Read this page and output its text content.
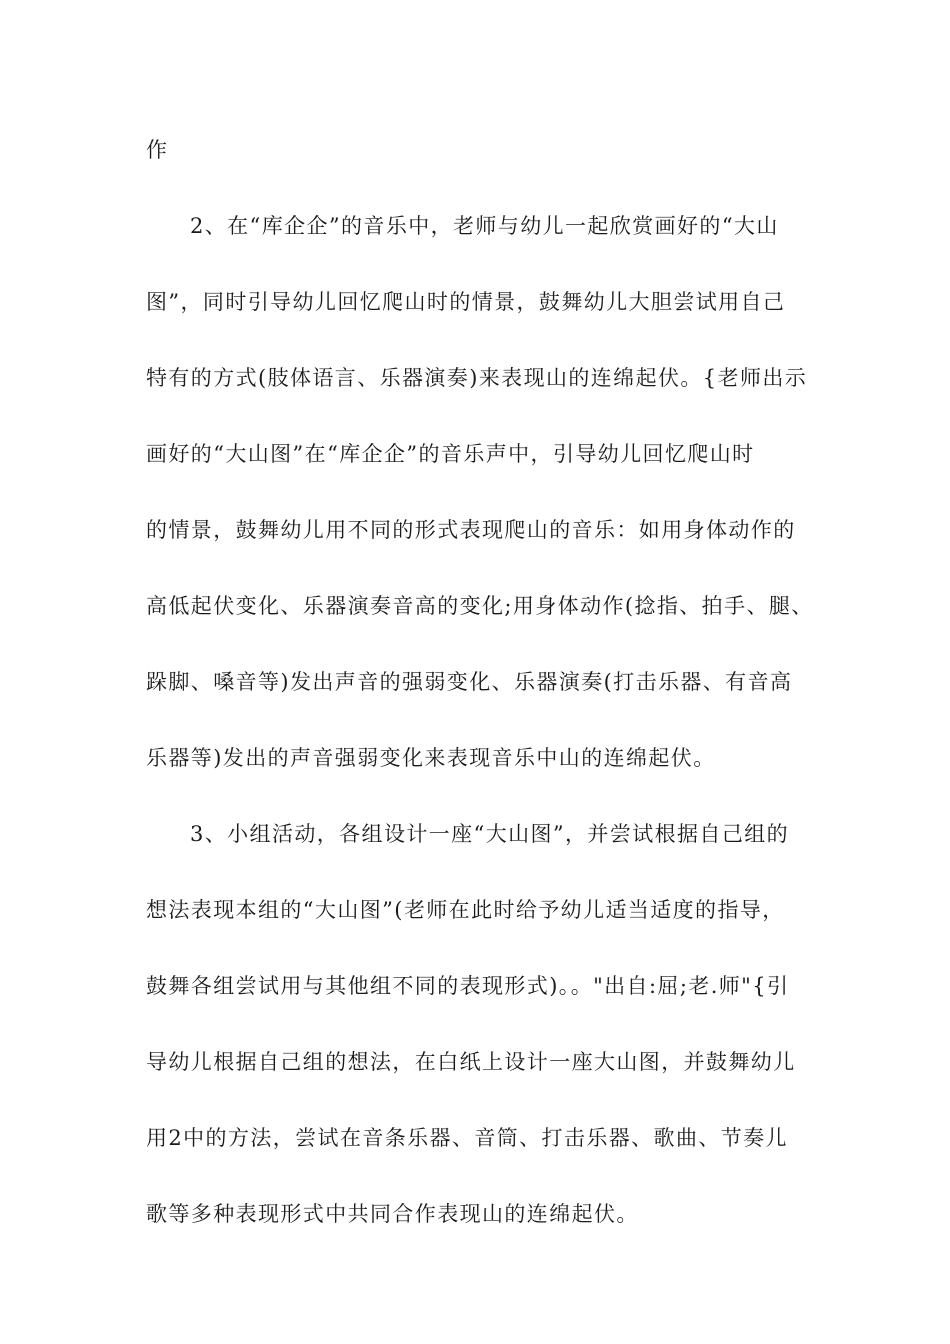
作
2、在“库企企”的音乐中，老师与幼儿一起欣赏画好的“大山
图”，同时引导幼儿回忆爬山时的情景，鼓舞幼儿大胆尝试用自己
特有的方式(肢体语言、乐器演奏)来表现山的连绵起伏。{老师出示
画好的“大山图”在“库企企”的音乐声中，引导幼儿回忆爬山时
的情景，鼓舞幼儿用不同的形式表现爬山的音乐：如用身体动作的
高低起伏变化、乐器演奏音高的变化;用身体动作(捻指、拍手、腿、
跺脚、嗓音等)发出声音的强弱变化、乐器演奏(打击乐器、有音高
乐器等)发出的声音强弱变化来表现音乐中山的连绵起伏。
3、小组活动，各组设计一座“大山图”，并尝试根据自己组的
想法表现本组的“大山图”(老师在此时给予幼儿适当适度的指导，
鼓舞各组尝试用与其他组不同的表现形式)。。"出自:屈;老.师"{引
导幼儿根据自己组的想法，在白纸上设计一座大山图，并鼓舞幼儿
用2中的方法，尝试在音条乐器、音筒、打击乐器、歌曲、节奏儿
歌等多种表现形式中共同合作表现山的连绵起伏。
